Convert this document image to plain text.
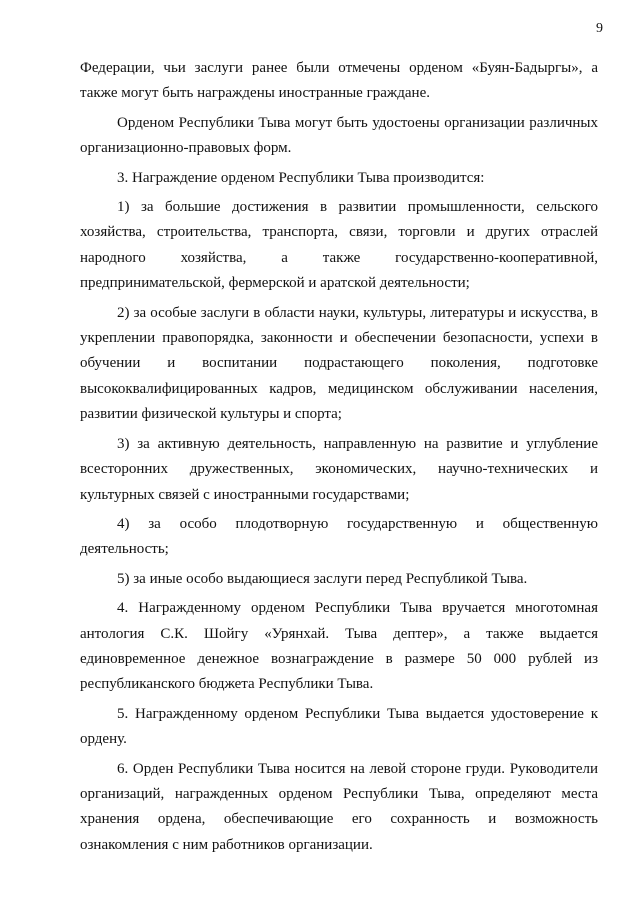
9

Федерации, чьи заслуги ранее были отмечены орденом «Буян-Бадыргы», а также могут быть награждены иностранные граждане.

Орденом Республики Тыва могут быть удостоены организации различных организационно-правовых форм.

3. Награждение орденом Республики Тыва производится:

1) за большие достижения в развитии промышленности, сельского хозяйства, строительства, транспорта, связи, торговли и других отраслей народного хозяйства, а также государственно-кооперативной, предпринимательской, фермерской и аратской деятельности;

2) за особые заслуги в области науки, культуры, литературы и искусства, в укреплении правопорядка, законности и обеспечении безопасности, успехи в обучении и воспитании подрастающего поколения, подготовке высококвалифицированных кадров, медицинском обслуживании населения, развитии физической культуры и спорта;

3) за активную деятельность, направленную на развитие и углубление всесторонних дружественных, экономических, научно-технических и культурных связей с иностранными государствами;

4) за особо плодотворную государственную и общественную деятельность;

5) за иные особо выдающиеся заслуги перед Республикой Тыва.

4. Награжденному орденом Республики Тыва вручается многотомная антология С.К. Шойгу «Урянхай. Тыва дептер», а также выдается единовременное денежное вознаграждение в размере 50 000 рублей из республиканского бюджета Республики Тыва.

5. Награжденному орденом Республики Тыва выдается удостоверение к ордену.

6. Орден Республики Тыва носится на левой стороне груди. Руководители организаций, награжденных орденом Республики Тыва, определяют места хранения ордена, обеспечивающие его сохранность и возможность ознакомления с ним работников организации.
